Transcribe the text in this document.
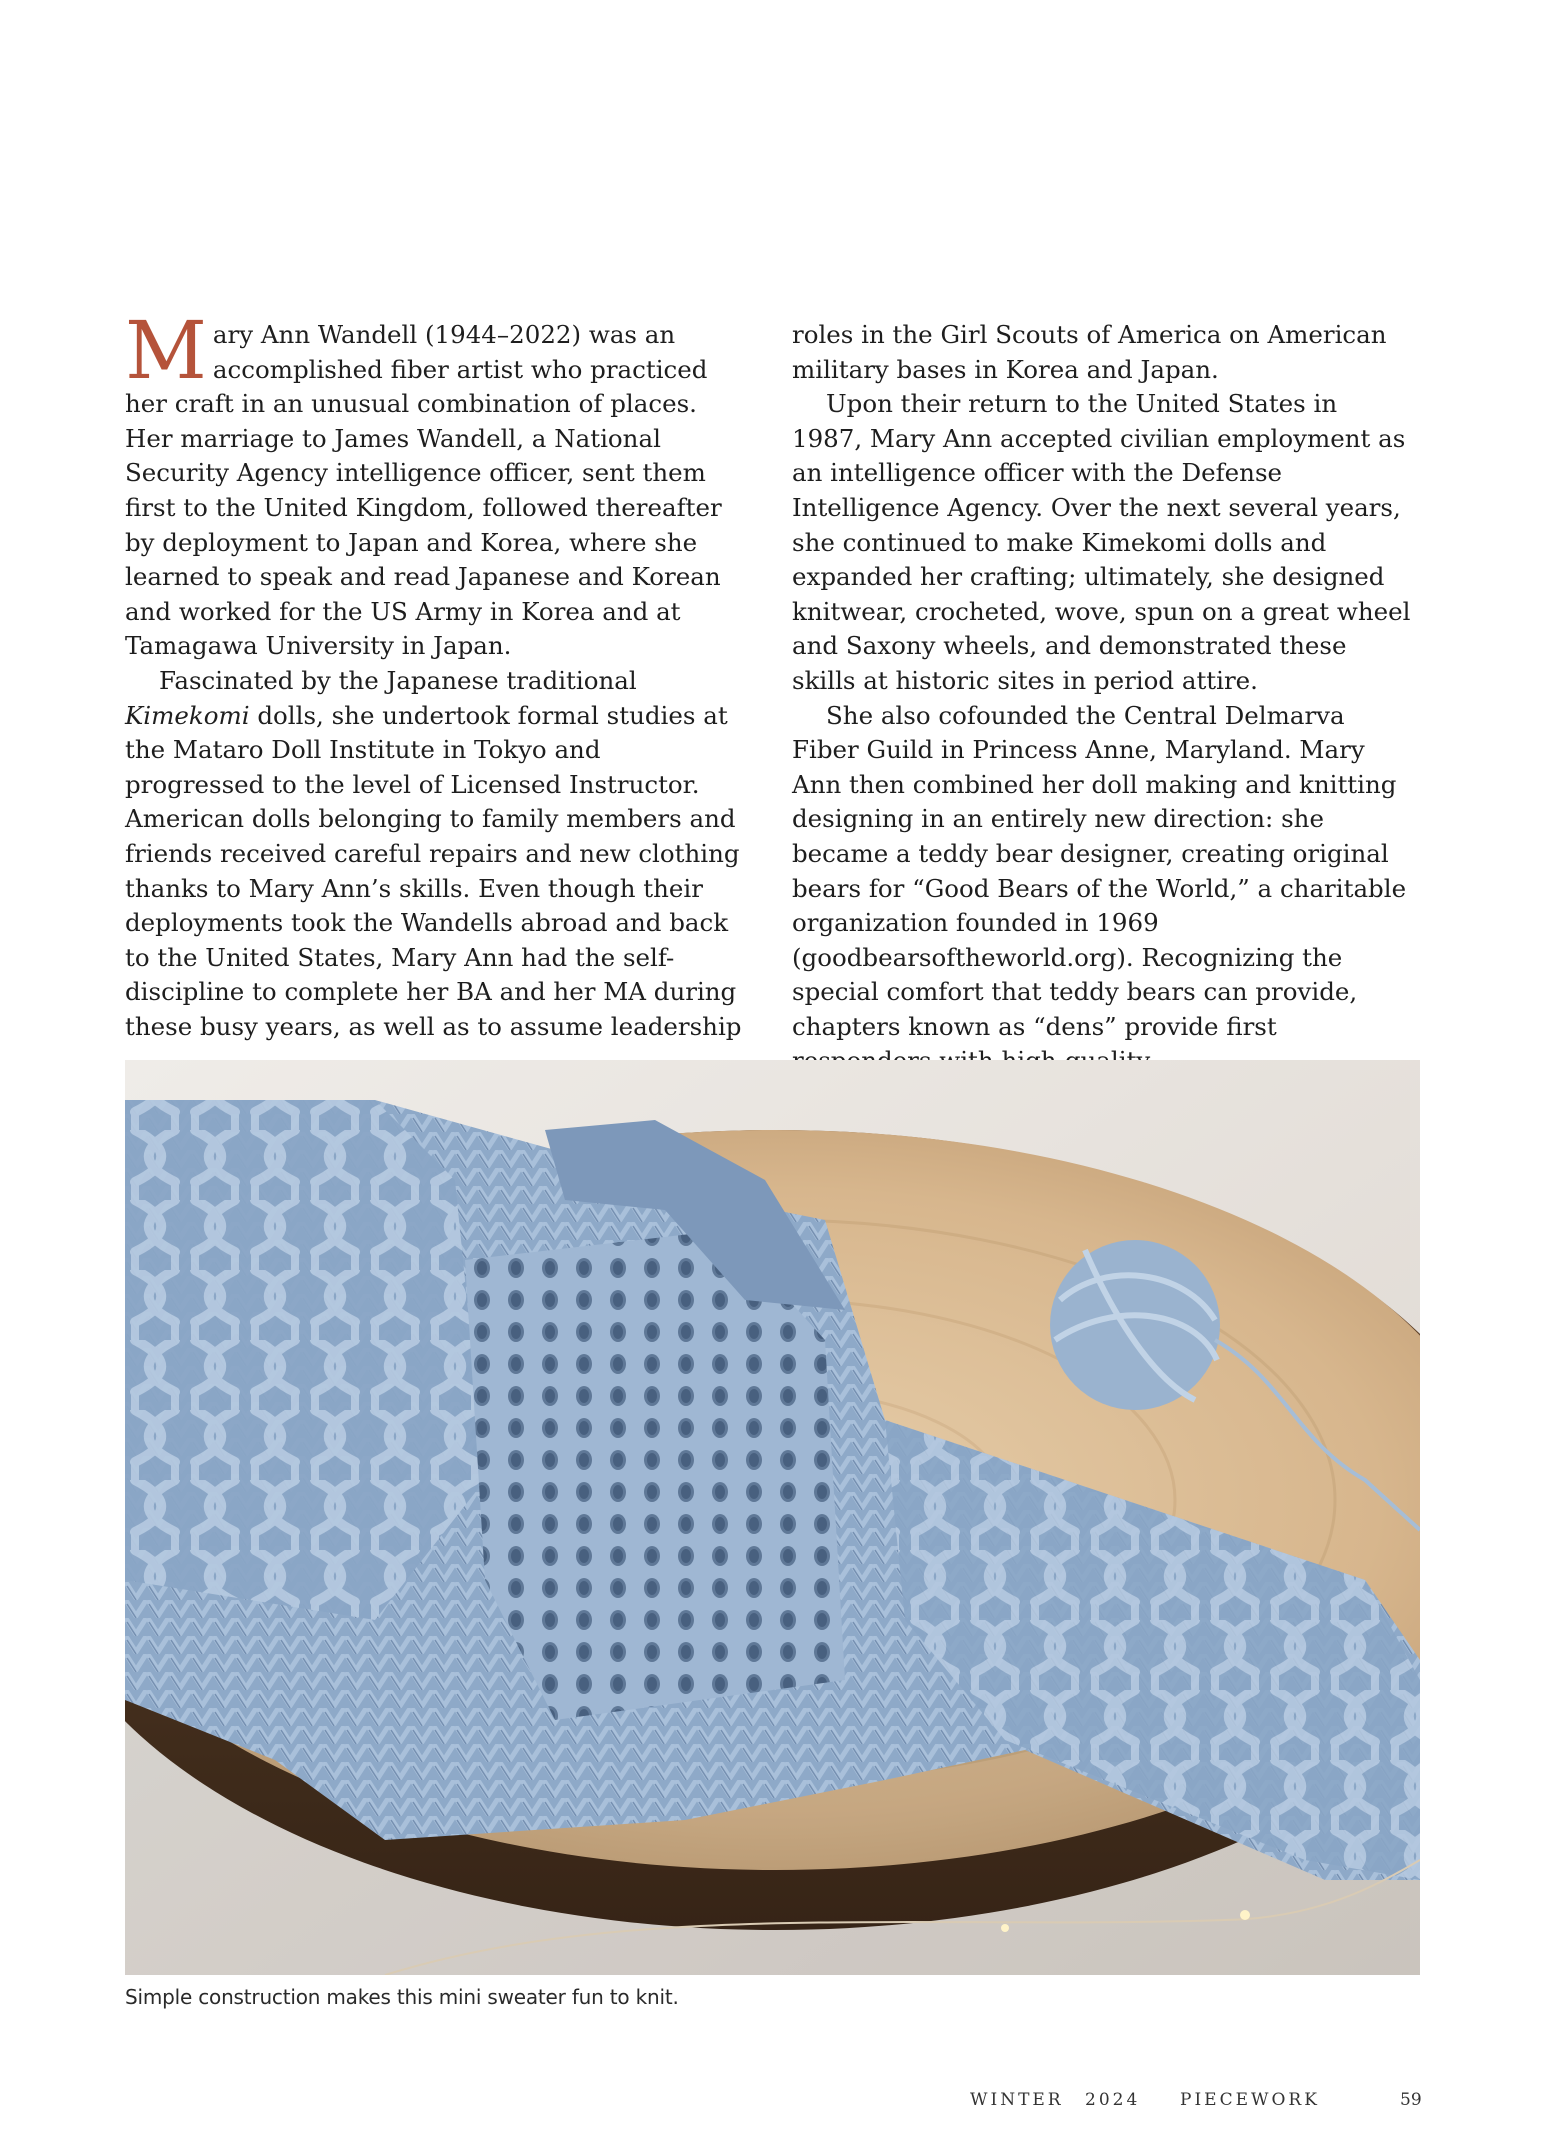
Mary Ann Wandell (1944–2022) was an accomplished fiber artist who practiced her craft in an unusual combination of places. Her marriage to James Wandell, a National Security Agency intelligence officer, sent them first to the United Kingdom, followed thereafter by deployment to Japan and Korea, where she learned to speak and read Japanese and Korean and worked for the US Army in Korea and at Tamagawa University in Japan.

Fascinated by the Japanese traditional Kimekomi dolls, she undertook formal studies at the Mataro Doll Institute in Tokyo and progressed to the level of Licensed Instructor. American dolls belonging to family members and friends received careful repairs and new clothing thanks to Mary Ann’s skills. Even though their deployments took the Wandells abroad and back to the United States, Mary Ann had the self-discipline to complete her BA and her MA during these busy years, as well as to assume leadership

roles in the Girl Scouts of America on American military bases in Korea and Japan.

Upon their return to the United States in 1987, Mary Ann accepted civilian employment as an intelligence officer with the Defense Intelligence Agency. Over the next several years, she continued to make Kimekomi dolls and expanded her crafting; ultimately, she designed knitwear, crocheted, wove, spun on a great wheel and Saxony wheels, and demonstrated these skills at historic sites in period attire.

She also cofounded the Central Delmarva Fiber Guild in Princess Anne, Maryland. Mary Ann then combined her doll making and knitting designing in an entirely new direction: she became a teddy bear designer, creating original bears for “Good Bears of the World,” a charitable organization founded in 1969 (goodbearsoftheworld.org). Recognizing the special comfort that teddy bears can provide, chapters known as “dens” provide first

Simple construction makes this mini sweater fun to knit.
WINTER 2024 PIECEWORK	59
